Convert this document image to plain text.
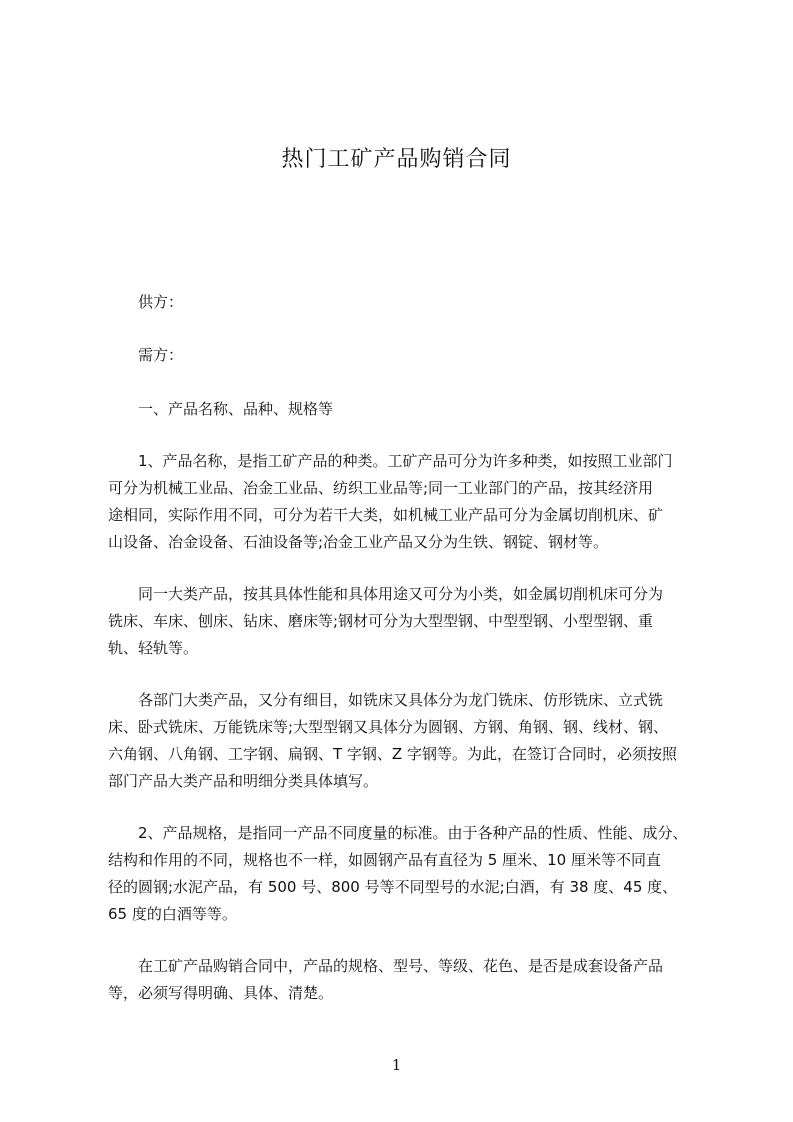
热门工矿产品购销合同
供方：
需方：
一、产品名称、品种、规格等
1、产品名称，是指工矿产品的种类。工矿产品可分为许多种类，如按照工业部门
可分为机械工业品、冶金工业品、纺织工业品等;同一工业部门的产品，按其经济用
途相同，实际作用不同，可分为若干大类，如机械工业产品可分为金属切削机床、矿
山设备、冶金设备、石油设备等;冶金工业产品又分为生铁、钢锭、钢材等。
同一大类产品，按其具体性能和具体用途又可分为小类，如金属切削机床可分为
铣床、车床、刨床、钻床、磨床等;钢材可分为大型型钢、中型型钢、小型型钢、重
轨、轻轨等。
各部门大类产品，又分有细目，如铣床又具体分为龙门铣床、仿形铣床、立式铣
床、卧式铣床、万能铣床等;大型型钢又具体分为圆钢、方钢、角钢、钢、线材、钢、
六角钢、八角钢、工字钢、扁钢、T 字钢、Z 字钢等。为此，在签订合同时，必须按照
部门产品大类产品和明细分类具体填写。
2、产品规格，是指同一产品不同度量的标准。由于各种产品的性质、性能、成分、
结构和作用的不同，规格也不一样，如圆钢产品有直径为 5 厘米、10 厘米等不同直
径的圆钢;水泥产品，有 500 号、800 号等不同型号的水泥;白酒，有 38 度、45 度、
65 度的白酒等等。
在工矿产品购销合同中，产品的规格、型号、等级、花色、是否是成套设备产品
等，必须写得明确、具体、清楚。
1
